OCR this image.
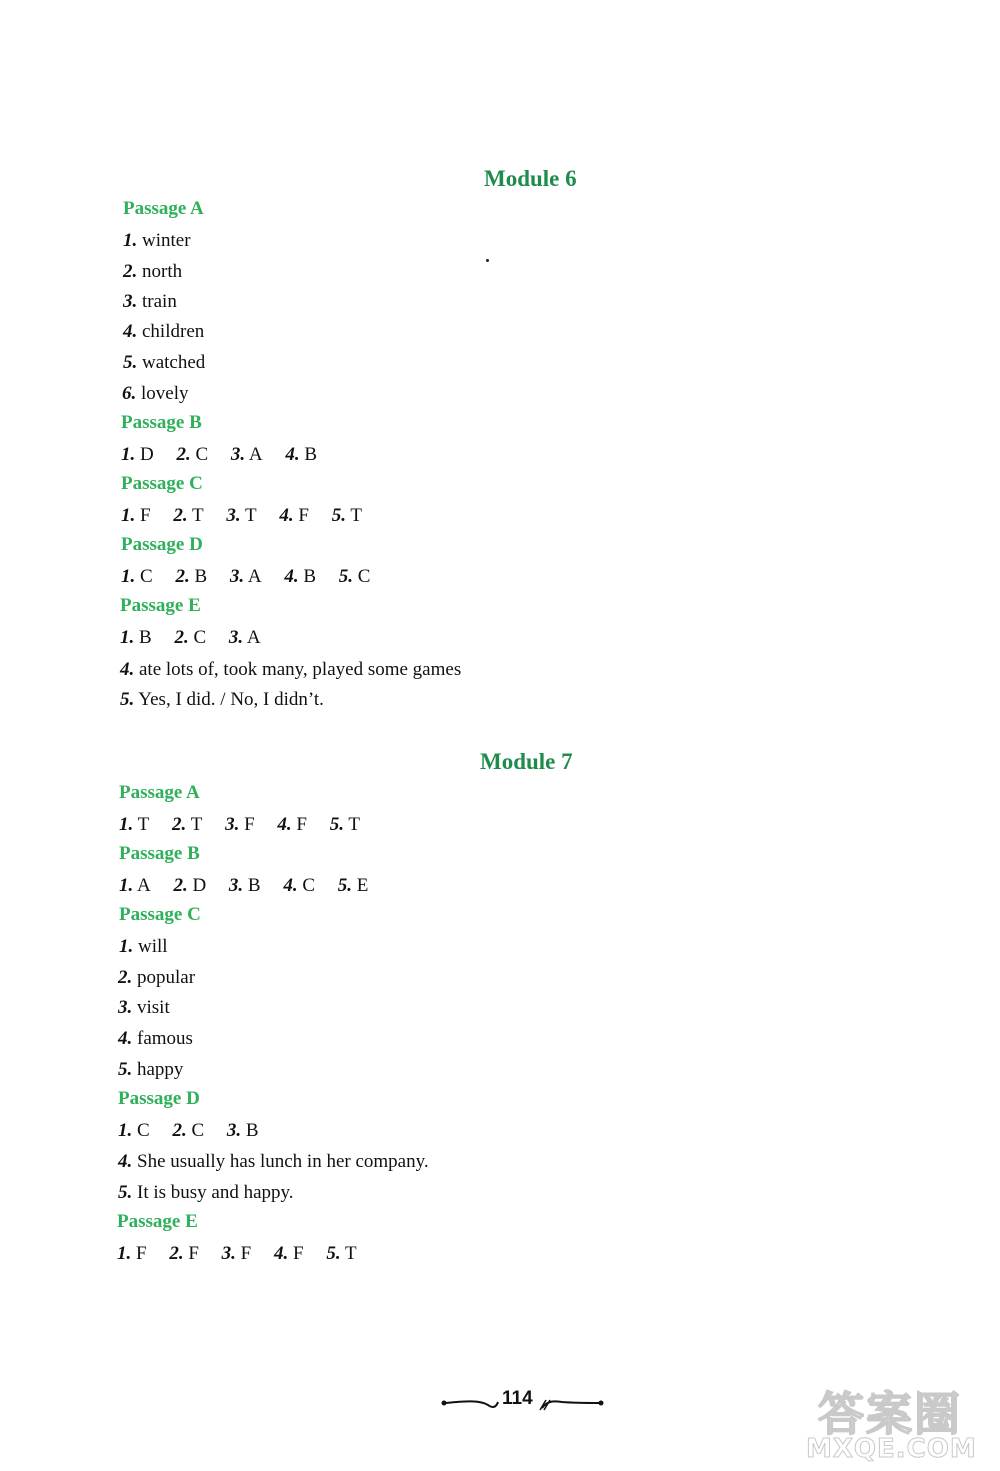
Module 6
Passage A
1. winter
2. north
3. train
4. children
5. watched
6. lovely
Passage B
1. D 2. C 3. A 4. B
Passage C
1. F 2. T 3. T 4. F 5. T
Passage D
1. C 2. B 3. A 4. B 5. C
Passage E
1. B 2. C 3. A
4. ate lots of, took many, played some games
5. Yes, I did. / No, I didn’t.
Module 7
Passage A
1. T 2. T 3. F 4. F 5. T
Passage B
1. A 2. D 3. B 4. C 5. E
Passage C
1. will
2. popular
3. visit
4. famous
5. happy
Passage D
1. C 2. C 3. B
4. She usually has lunch in her company.
5. It is busy and happy.
Passage E
1. F 2. F 3. F 4. F 5. T
114	答案圈
MXQE.COM
